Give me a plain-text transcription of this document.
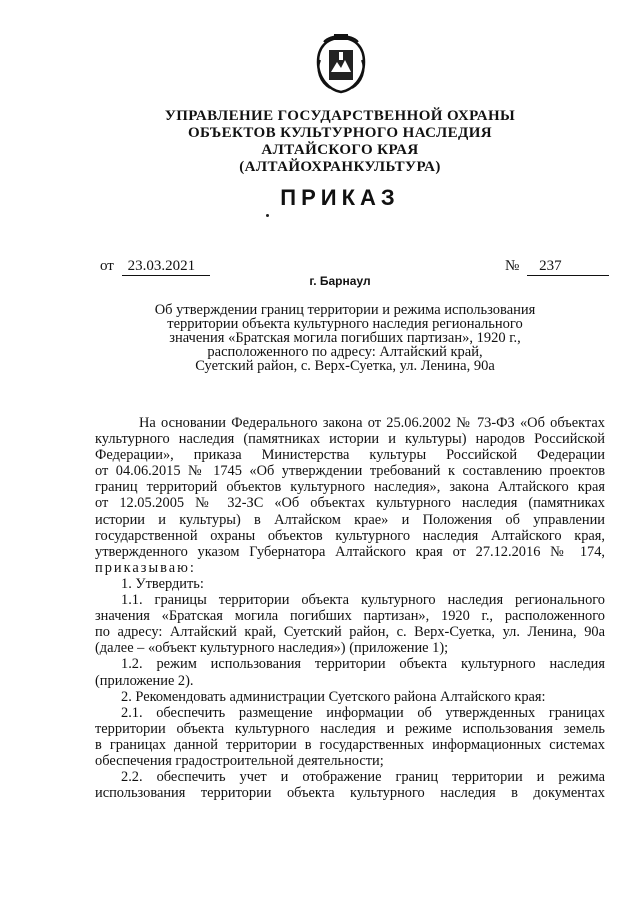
УПРАВЛЕНИЕ ГОСУДАРСТВЕННОЙ ОХРАНЫ
ОБЪЕКТОВ КУЛЬТУРНОГО НАСЛЕДИЯ
АЛТАЙСКОГО КРАЯ
(АЛТАЙОХРАНКУЛЬТУРА)
ПРИКАЗ
от 23.03.2021	№ 237
г. Барнаул
Об утверждении границ территории и режима использования
территории объекта культурного наследия регионального
значения «Братская могила погибших партизан», 1920 г.,
расположенного по адресу: Алтайский край,
Суетский район, с. Верх-Суетка, ул. Ленина, 90а

На основании Федерального закона от 25.06.2002 № 73-ФЗ «Об объектах
культурного наследия (памятниках истории и культуры) народов Российской
Федерации», приказа Министерства культуры Российской Федерации
от 04.06.2015 № 1745 «Об утверждении требований к составлению проектов
границ территорий объектов культурного наследия», закона Алтайского края
от 12.05.2005 № 32-ЗС «Об объектах культурного наследия (памятниках
истории и культуры) в Алтайском крае» и Положения об управлении
государственной охраны объектов культурного наследия Алтайского края,
утвержденного указом Губернатора Алтайского края от 27.12.2016 № 174,
приказываю:

1. Утвердить:

1.1. границы территории объекта культурного наследия регионального
значения «Братская могила погибших партизан», 1920 г., расположенного
по адресу: Алтайский край, Суетский район, с. Верх-Суетка, ул. Ленина, 90а
(далее – «объект культурного наследия») (приложение 1);

1.2. режим использования территории объекта культурного наследия
(приложение 2).

2. Рекомендовать администрации Суетского района Алтайского края:

2.1. обеспечить размещение информации об утвержденных границах
территории объекта культурного наследия и режиме использования земель
в границах данной территории в государственных информационных системах
обеспечения градостроительной деятельности;

2.2. обеспечить учет и отображение границ территории и режима
использования территории объекта культурного наследия в документах
